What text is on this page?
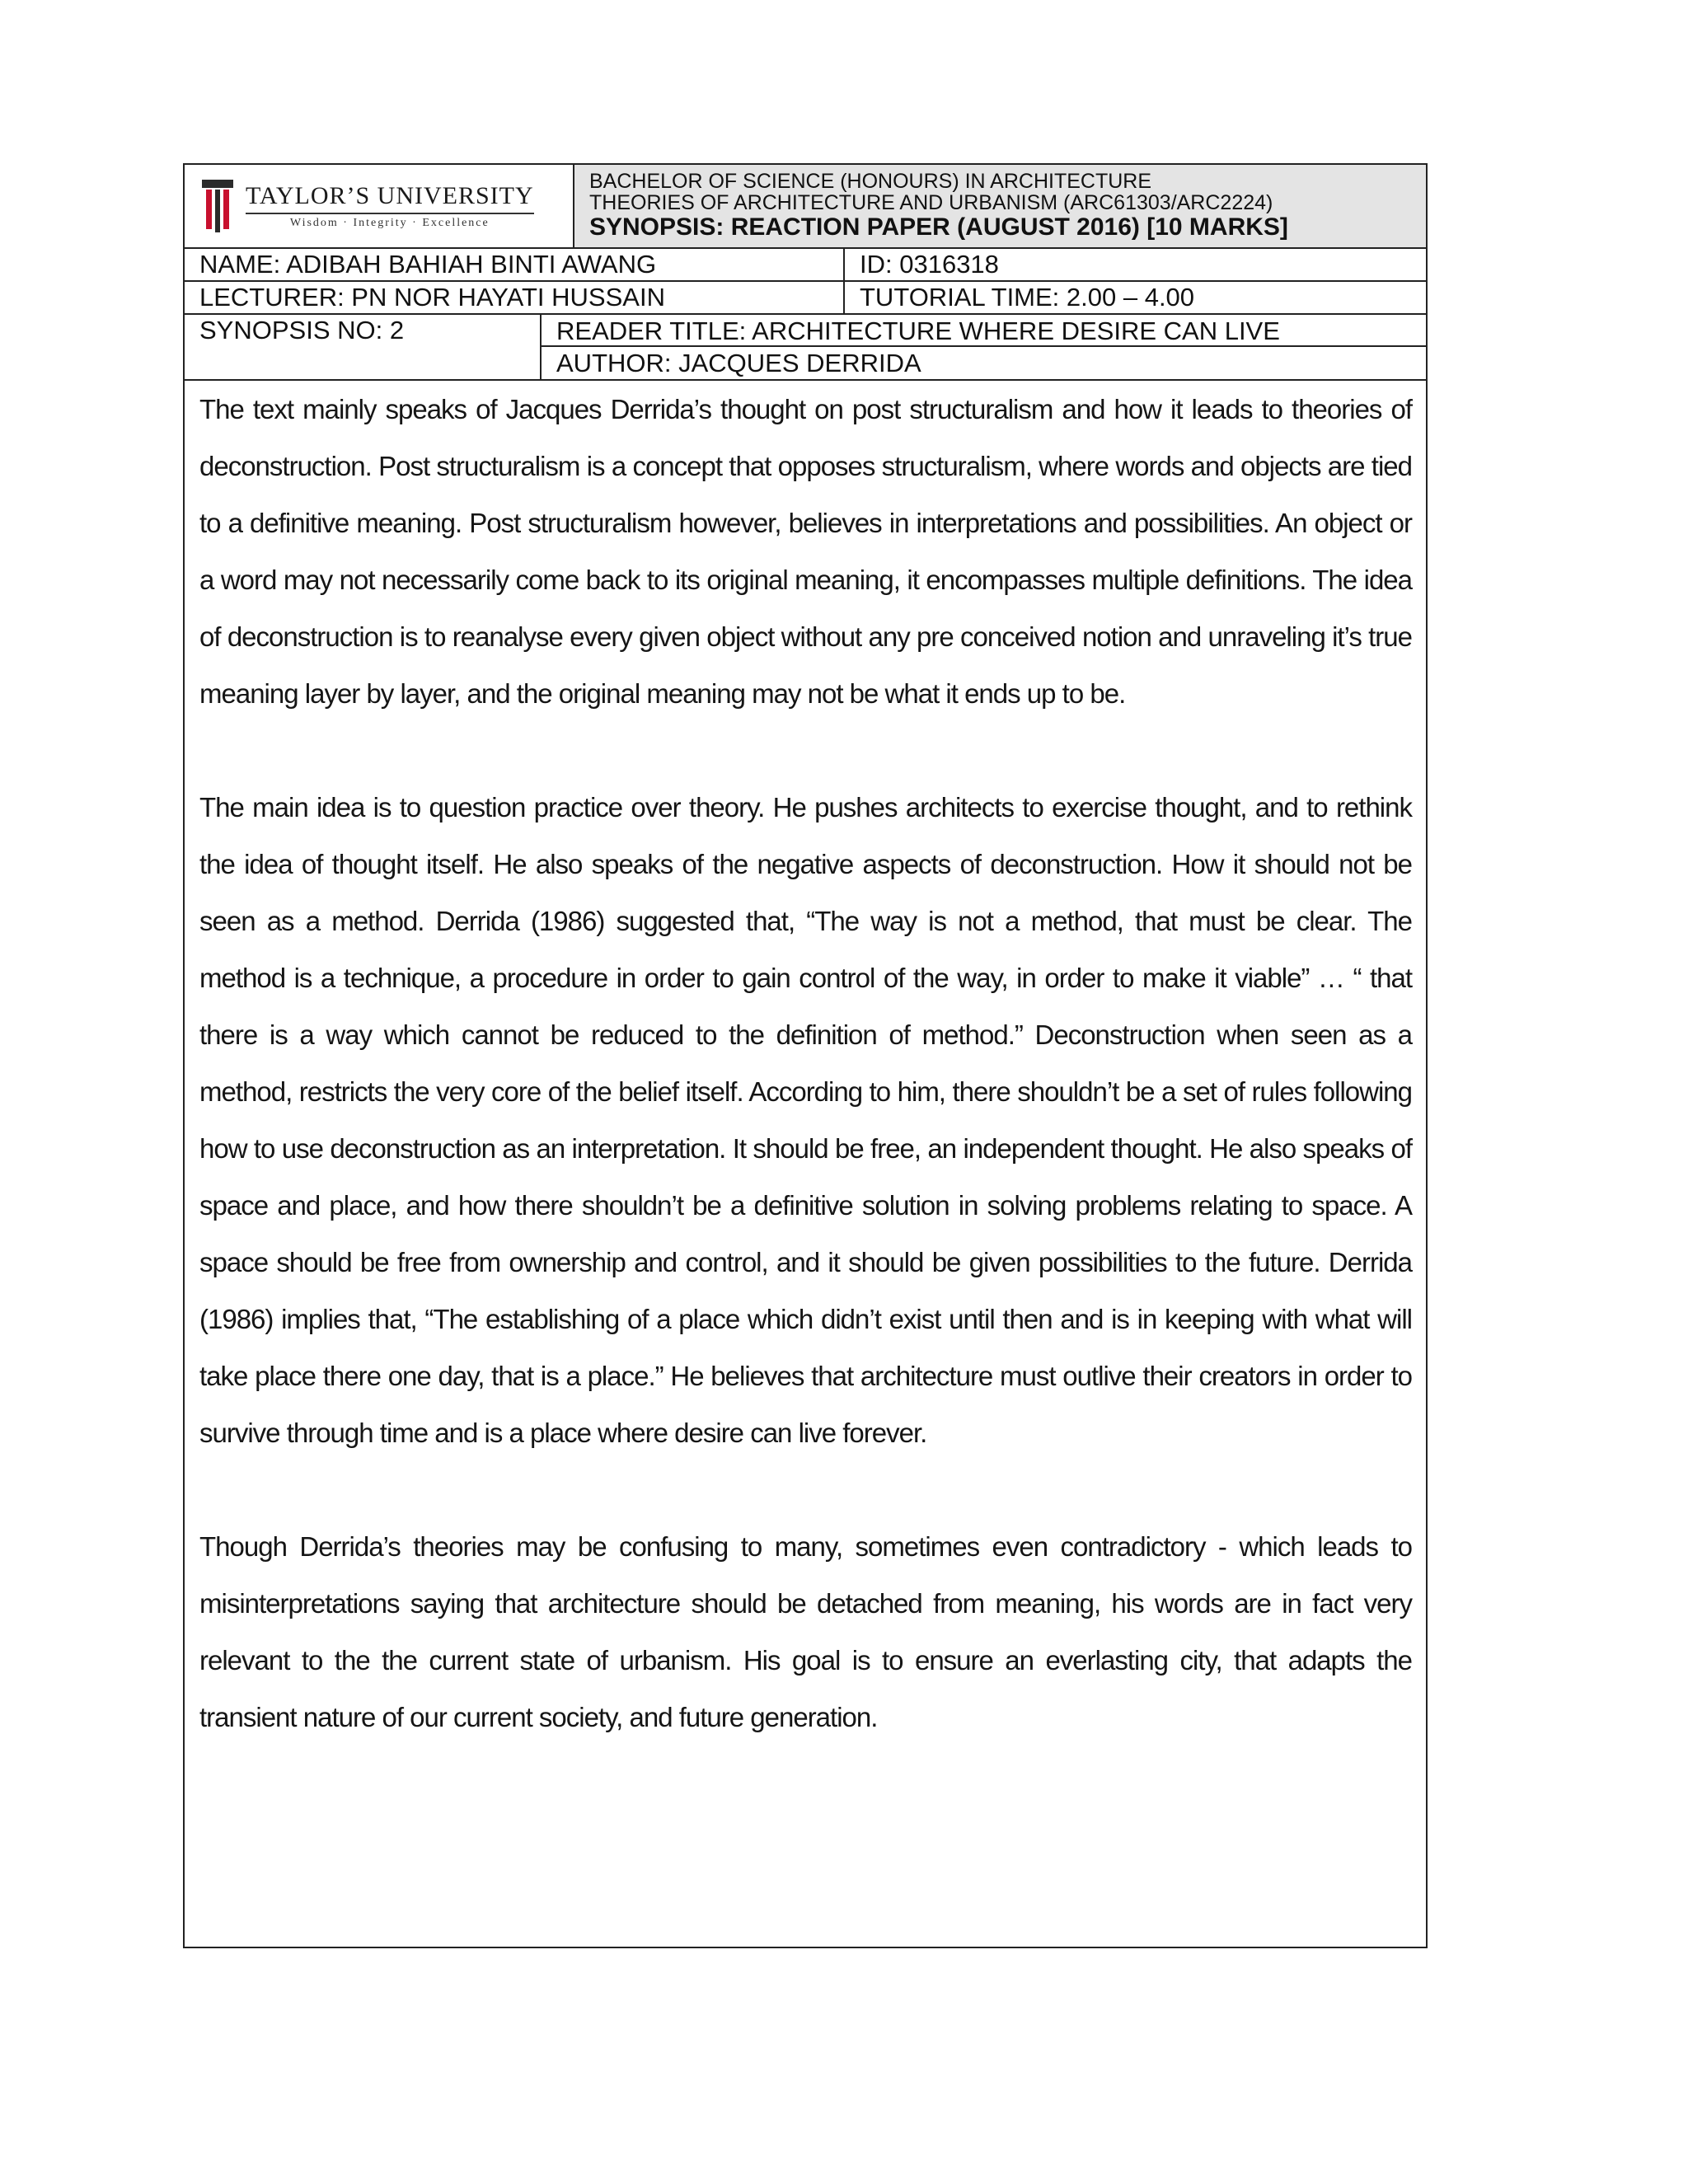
TAYLOR’S UNIVERSITY
Wisdom · Integrity · Excellence
BACHELOR OF SCIENCE (HONOURS) IN ARCHITECTURE
THEORIES OF ARCHITECTURE AND URBANISM (ARC61303/ARC2224)
SYNOPSIS: REACTION PAPER (AUGUST 2016) [10 MARKS]
NAME: ADIBAH BAHIAH BINTI AWANG	ID: 0316318
LECTURER: PN NOR HAYATI HUSSAIN	TUTORIAL TIME: 2.00 – 4.00
SYNOPSIS NO: 2	READER TITLE: ARCHITECTURE WHERE DESIRE CAN LIVE
AUTHOR: JACQUES DERRIDA

The text mainly speaks of Jacques Derrida’s thought on post structuralism and how it leads to theories of deconstruction. Post structuralism is a concept that opposes structuralism, where words and objects are tied to a definitive meaning. Post structuralism however, believes in interpretations and possibilities. An object or a word may not necessarily come back to its original meaning, it encompasses multiple definitions. The idea of deconstruction is to reanalyse every given object without any pre conceived notion and unraveling it’s true meaning layer by layer, and the original meaning may not be what it ends up to be.

The main idea is to question practice over theory. He pushes architects to exercise thought, and to rethink the idea of thought itself. He also speaks of the negative aspects of deconstruction. How it should not be seen as a method. Derrida (1986) suggested that, “The way is not a method, that must be clear. The method is a technique, a procedure in order to gain control of the way, in order to make it viable” … “ that there is a way which cannot be reduced to the definition of method.” Deconstruction when seen as a method, restricts the very core of the belief itself. According to him, there shouldn’t be a set of rules following how to use deconstruction as an interpretation. It should be free, an independent thought. He also speaks of space and place, and how there shouldn’t be a definitive solution in solving problems relating to space. A space should be free from ownership and control, and it should be given possibilities to the future. Derrida (1986) implies that, “The establishing of a place which didn’t exist until then and is in keeping with what will take place there one day, that is a place.” He believes that architecture must outlive their creators in order to survive through time and is a place where desire can live forever.

Though Derrida’s theories may be confusing to many, sometimes even contradictory - which leads to misinterpretations saying that architecture should be detached from meaning, his words are in fact very relevant to the the current state of urbanism. His goal is to ensure an everlasting city, that adapts the transient nature of our current society, and future generation.
